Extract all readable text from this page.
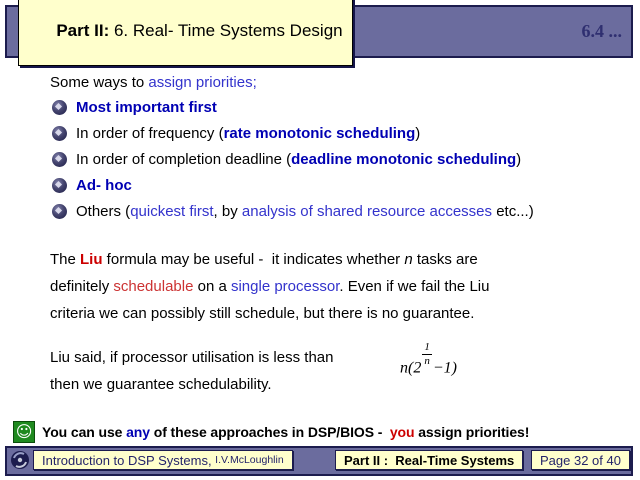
Part II: 6. Real- Time Systems Design
	6.4 ...
Some ways to assign priorities;
Most important first
In order of frequency ( rate monotonic scheduling )
In order of completion deadline ( deadline monotonic scheduling )
Ad- hoc
Others ( quickest first , by analysis of shared resource accesses etc...)
The Liu formula may be useful -  it indicates whether n tasks are
definitely schedulable on a single processor. Even if we fail the Liu
criteria we can possibly still schedule, but there is no guarantee.
Liu said, if processor utilisation is less than
then we guarantee schedulability.
n(2
$\frac{1}{n}$
−1)
☺ You can use any of these approaches in DSP/BIOS - you assign priorities!
Introduction to DSP Systems, I.V.McLoughlin	Part II :  Real-Time Systems Page 32 of 40
